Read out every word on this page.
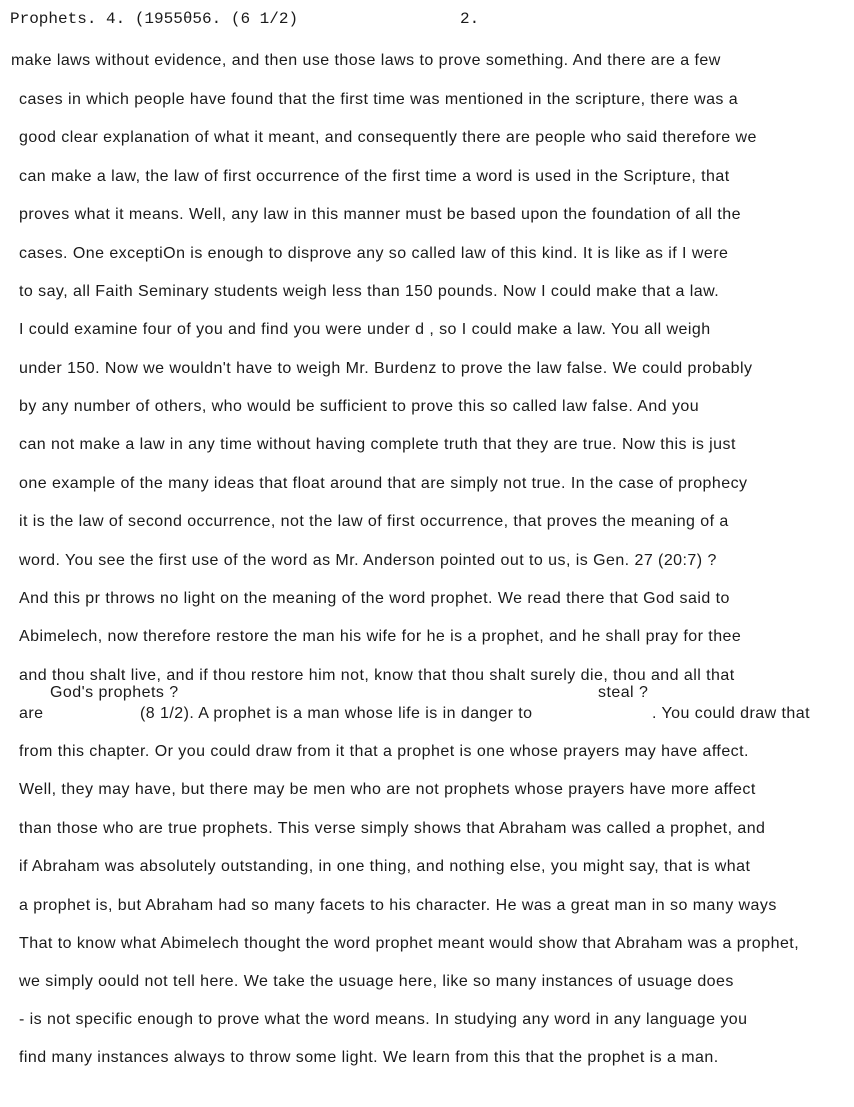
Prophets. 4. (1955θ56. (6 1/2)	2.
make laws without evidence, and then use those laws to prove something. And there are a few
cases in which people have found that the first time was mentioned in the scripture, there was a
good clear explanation of what it meant, and consequently there are people who said therefore we
can make a law, the law of first occurrence of the first time a word is used in the Scripture, that
proves what it means. Well, any law in this manner must be based upon the foundation of all the
cases. One exceptiOn is enough to disprove any so called law of this kind. It is like as if I were
to say, all Faith Seminary students weigh less than 150 pounds. Now I could make that a law.
I could examine four of you and find you were under d , so I could make a law. You all weigh
under 150. Now we wouldn't have to weigh Mr. Burdenz to prove the law false. We could probably
by any number of others, who would be sufficient to prove this so called law false. And you
can not make a law in any time without having complete truth that they are true. Now this is just
one example of the many ideas that float around that are simply not true. In the case of prophecy
it is the law of second occurrence, not the law of first occurrence, that proves the meaning of a
word. You see the first use of the word as Mr. Anderson pointed out to us, is Gen. 27 (20:7) ?
And this pr throws no light on the meaning of the word prophet. We read there that God said to
Abimelech, now therefore restore the man his wife for he is a prophet, and he shall pray for thee
and thou shalt live, and if thou restore him not, know that thou shalt surely die, thou and all that
God's prophets ?	steal ?
are	(8 1/2). A prophet is a man whose life is in danger to	. You could draw that
from this chapter. Or you could draw from it that a prophet is one whose prayers may have affect.
Well, they may have, but there may be men who are not prophets whose prayers have more affect
than those who are true prophets. This verse simply shows that Abraham was called a prophet, and
if Abraham was absolutely outstanding, in one thing, and nothing else, you might say, that is what
a prophet is, but Abraham had so many facets to his character. He was a great man in so many ways
That to know what Abimelech thought the word prophet meant would show that Abraham was a prophet,
we simply oould not tell here. We take the usuage here, like so many instances of usuage does
- is not specific enough to prove what the word means. In studying any word in any language you
find many instances always to throw some light. We learn from this that the prophet is a man.
